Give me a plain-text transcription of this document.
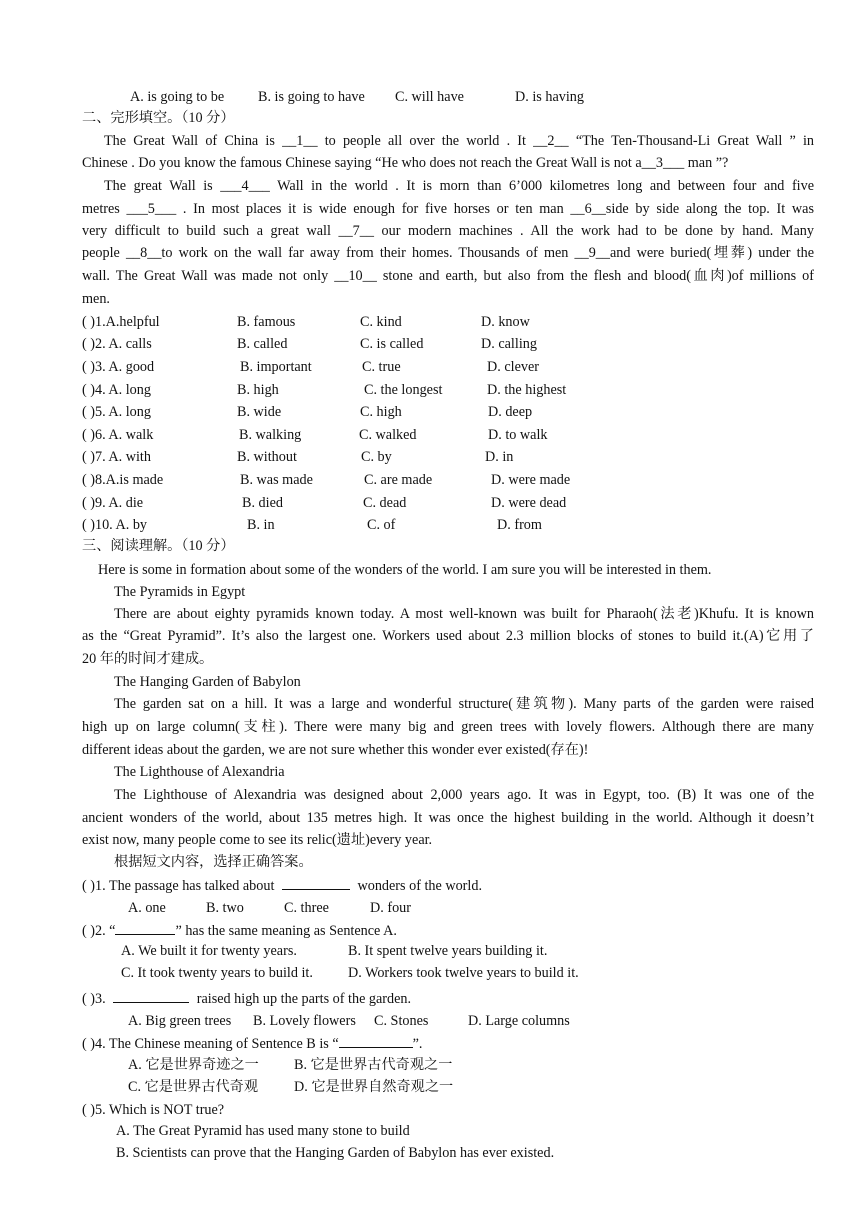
A. is going to be B. is going to have C. will have	D. is having
二、完形填空。（10 分）
The Great Wall of China is __1__ to people all over the world . It __2__ “The Ten-Thousand-Li Great Wall ” in
Chinese . Do you know the famous Chinese saying “He who does not reach the Great Wall is not a__3___ man ”?
The great Wall is ___4___ Wall in the world . It is morn than 6’000 kilometres long and between four and five
metres ___5___ . In most places it is wide enough for five horses or ten man __6__side by side along the top. It was
very difficult to build such a great wall __7__ our modern machines . All the work had to be done by hand. Many
people __8__to work on the wall far away from their homes. Thousands of men __9__and were buried(埋葬) under the
wall. The Great Wall was made not only __10__ stone and earth, but also from the flesh and blood(血肉)of millions of
men.
( )1.A.helpful	B. famous	C. kind	D. know
( )2. A. calls	B. called	C. is called	D. calling
( )3. A. good	B. important	C. true	D. clever
( )4. A. long	B. high	C. the longest	D. the highest
( )5. A. long	B. wide	C. high	D. deep
( )6. A. walk	B. walking	C. walked	D. to walk
( )7. A. with	B. without	C. by	D. in
( )8.A.is made	B. was made	C. are made	D. were made
( )9. A. die	B. died	C. dead	D. were dead
( )10. A. by	B. in	C. of	D. from
三、阅读理解。（10 分）
Here is some in formation about some of the wonders of the world. I am sure you will be interested in them.
The Pyramids in Egypt
There are about eighty pyramids known today. A most well-known was built for Pharaoh(法老)Khufu. It is known
as the “Great Pyramid”. It’s also the largest one. Workers used about 2.3 million blocks of stones to build it.(A)它用了
20 年的时间才建成。
The Hanging Garden of Babylon
The garden sat on a hill. It was a large and wonderful structure(建筑物). Many parts of the garden were raised
high up on large column(支柱). There were many big and green trees with lovely flowers. Although there are many
different ideas about the garden, we are not sure whether this wonder ever existed(存在)!
The Lighthouse of Alexandria
The Lighthouse of Alexandria was designed about 2,000 years ago. It was in Egypt, too. (B) It was one of the
ancient wonders of the world, about 135 metres high. It was once the highest building in the world. Although it doesn’t
exist now, many people come to see its relic(遗址)every year.
根据短文内容，选择正确答案。
( )1. The passage has talked about	wonders of the world.
A. one	B. two	C. three	D. four
( )2. “	” has the same meaning as Sentence A.
A. We built it for twenty years.	B. It spent twelve years building it.
C. It took twenty years to build it. D. Workers took twelve years to build it.
( )3.	raised high up the parts of the garden.
A. Big green trees B. Lovely flowers C. Stones	D. Large columns
( )4. The Chinese meaning of Sentence B is “	”.
A. 它是世界奇迹之一 B. 它是世界古代奇观之一
C. 它是世界古代奇观	D. 它是世界自然奇观之一
( )5. Which is NOT true?
A. The Great Pyramid has used many stone to build
B. Scientists can prove that the Hanging Garden of Babylon has ever existed.
